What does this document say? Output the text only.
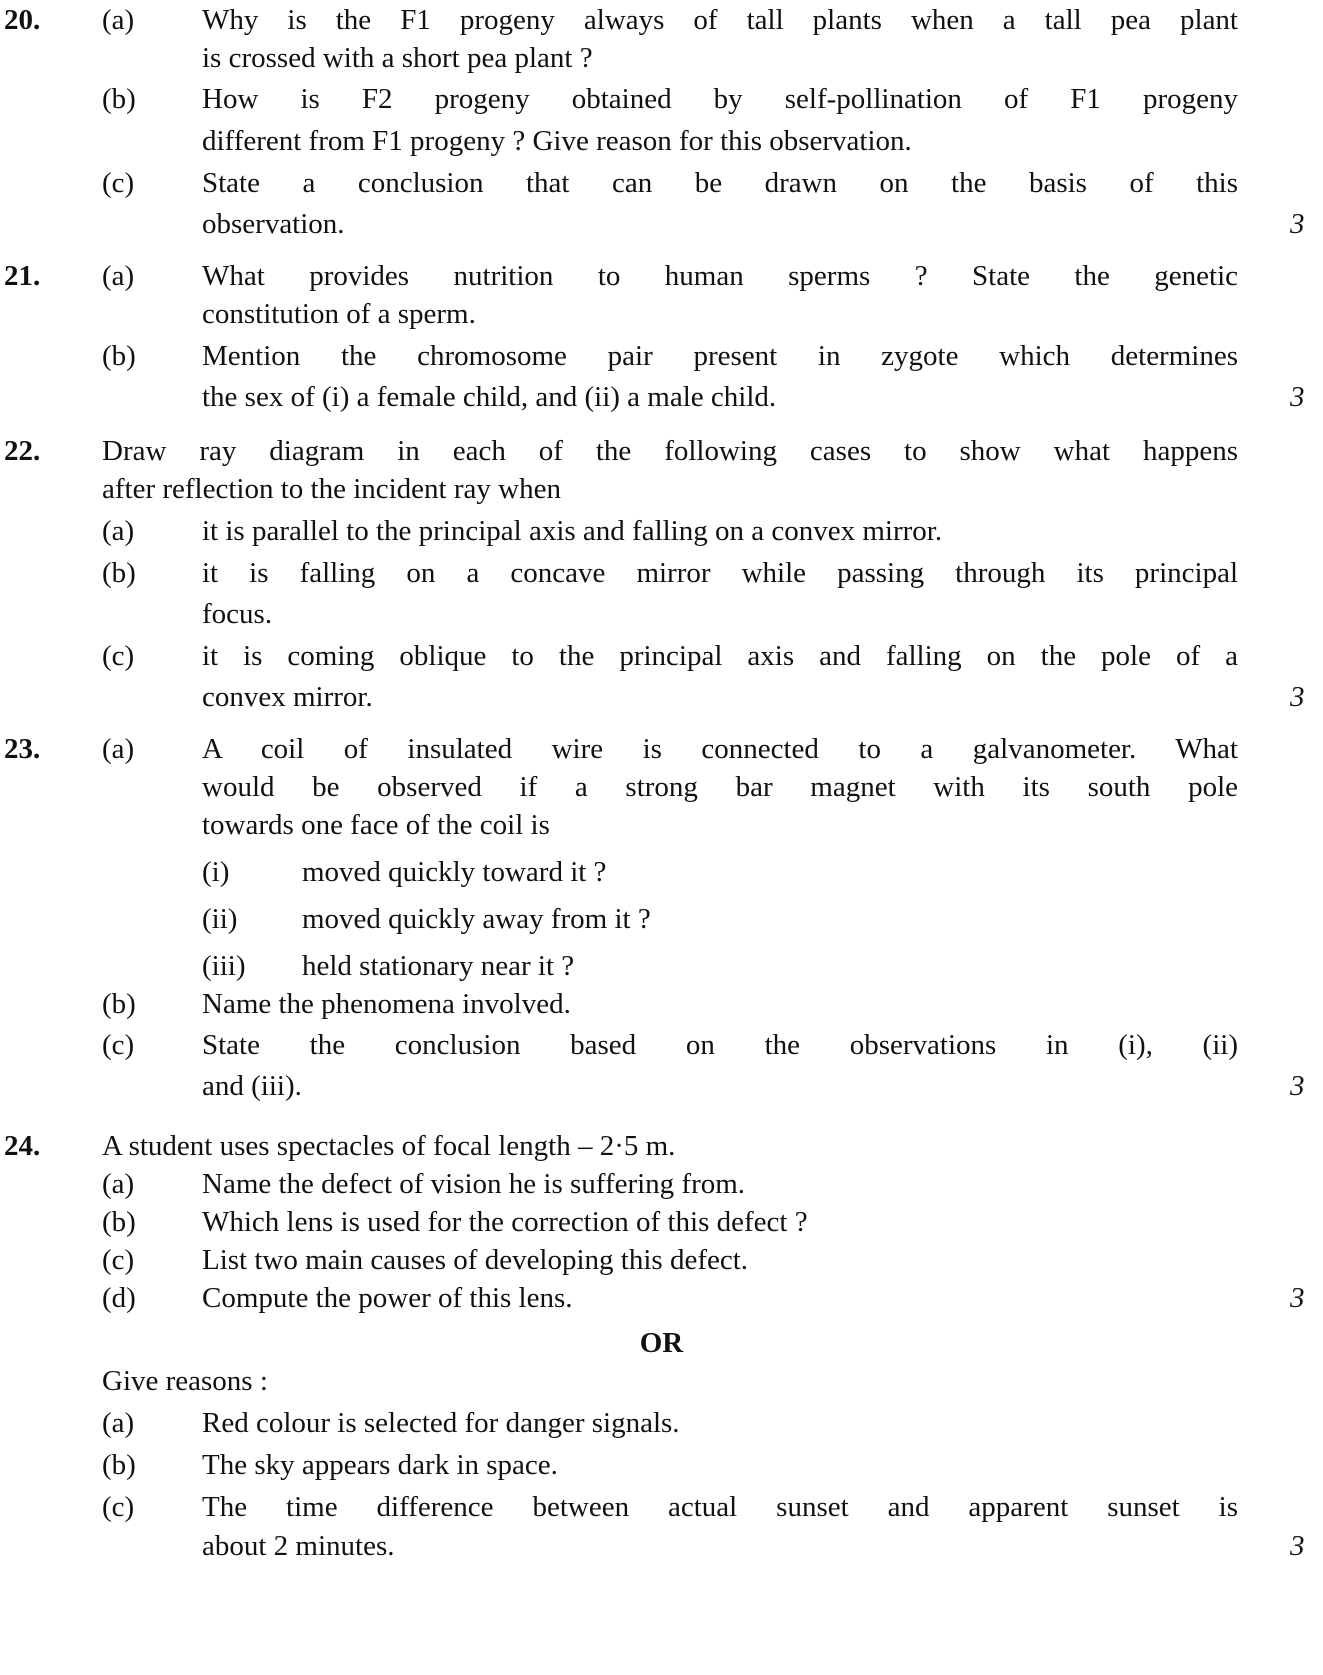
20. (a) Why is the F1 progeny always of tall plants when a tall pea plant
is crossed with a short pea plant ?
(b) How is F2 progeny obtained by self-pollination of F1 progeny
different from F1 progeny ? Give reason for this observation.
(c) State a conclusion that can be drawn on the basis of this
observation.	3
21. (a) What provides nutrition to human sperms ? State the genetic
constitution of a sperm.
(b) Mention the chromosome pair present in zygote which determines
the sex of (i) a female child, and (ii) a male child.	3
22. Draw ray diagram in each of the following cases to show what happens
after reflection to the incident ray when
(a) it is parallel to the principal axis and falling on a convex mirror.
(b) it is falling on a concave mirror while passing through its principal
focus.
(c) it is coming oblique to the principal axis and falling on the pole of a
convex mirror.	3
23. (a) A coil of insulated wire is connected to a galvanometer. What
would be observed if a strong bar magnet with its south pole
towards one face of the coil is
(i)	moved quickly toward it ?
(ii) moved quickly away from it ?
(iii) held stationary near it ?
(b) Name the phenomena involved.
(c) State the conclusion based on the observations in (i), (ii)
and (iii).	3
24. A student uses spectacles of focal length – 2·5 m.
(a) Name the defect of vision he is suffering from.
(b) Which lens is used for the correction of this defect ?
(c) List two main causes of developing this defect.
(d) Compute the power of this lens.	3
OR
Give reasons :
(a) Red colour is selected for danger signals.
(b) The sky appears dark in space.
(c) The time difference between actual sunset and apparent sunset is
about 2 minutes.	3
